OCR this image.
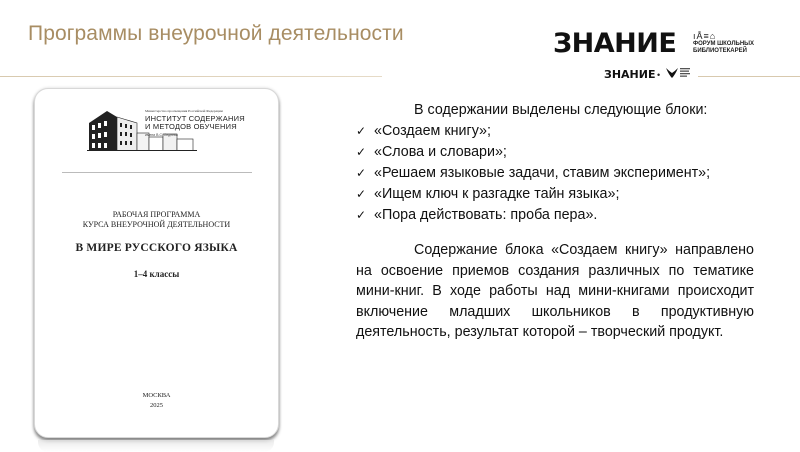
Программы внеурочной деятельности	ЗНАНИЕ ıÅ≡⌂
ФОРУМ ШКОЛЬНЫХ
БИБЛИОТЕКАРЕЙ
ЗНАНИЕ •
Министерство просвещения Российской Федерации
ИНСТИТУТ СОДЕРЖАНИЯ
И МЕТОДОВ ОБУЧЕНИЯ
имени В.С. Леднева
РАБОЧАЯ ПРОГРАММА
КУРСА ВНЕУРОЧНОЙ ДЕЯТЕЛЬНОСТИ
В МИРЕ РУССКОГО ЯЗЫКА
1–4 классы
МОСКВА
2025

В содержании выделены следующие блоки:

✓ «Создаем книгу»;
✓ «Слова и словари»;
✓ «Решаем языковые задачи, ставим эксперимент»;
✓ «Ищем ключ к разгадке тайн языка»;
✓ «Пора действовать: проба пера».
Содержание блока «Создаем книгу» направлено на освоение приемов создания различных по тематике мини-книг. В ходе работы над мини-книгами происходит включение младших школьников в продуктивную деятельность, результат которой – творческий продукт.
